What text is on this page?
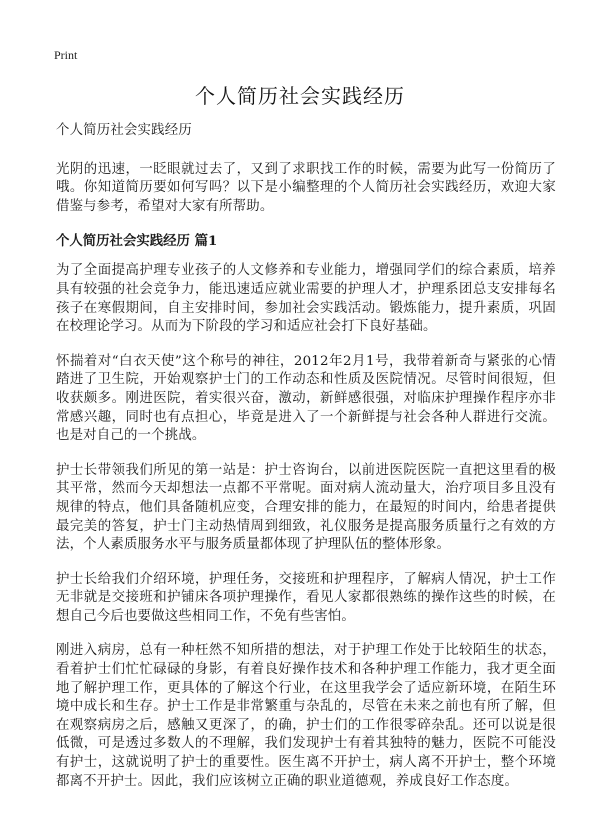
Print
个人简历社会实践经历

个人简历社会实践经历

光阴的迅速，一眨眼就过去了，又到了求职找工作的时候，需要为此写一份简历了哦。你知道简历要如何写吗？以下是小编整理的个人简历社会实践经历，欢迎大家借鉴与参考，希望对大家有所帮助。

个人简历社会实践经历 篇1

为了全面提高护理专业孩子的人文修养和专业能力，增强同学们的综合素质，培养具有较强的社会竞争力，能迅速适应就业需要的护理人才，护理系团总支安排每名孩子在寒假期间，自主安排时间，参加社会实践活动。锻炼能力，提升素质，巩固在校理论学习。从而为下阶段的学习和适应社会打下良好基础。

怀揣着对“白衣天使”这个称号的神往，2012年2月1号，我带着新奇与紧张的心情踏进了卫生院，开始观察护士门的工作动态和性质及医院情况。尽管时间很短，但收获颇多。刚进医院，着实很兴奋，激动，新鲜感很强，对临床护理操作程序亦非常感兴趣，同时也有点担心，毕竟是进入了一个新鲜提与社会各种人群进行交流。也是对自己的一个挑战。

护士长带领我们所见的第一站是：护士咨询台，以前进医院医院一直把这里看的极其平常，然而今天却想法一点都不平常呢。面对病人流动量大，治疗项目多且没有规律的特点，他们具备随机应变，合理安排的能力，在最短的时间内，给患者提供最完美的答复，护士门主动热情周到细致，礼仪服务是提高服务质量行之有效的方法，个人素质服务水平与服务质量都体现了护理队伍的整体形象。

护士长给我们介绍环境，护理任务，交接班和护理程序，了解病人情况，护士工作无非就是交接班和护铺床各项护理操作，看见人家都很熟练的操作这些的时候，在想自己今后也要做这些相同工作，不免有些害怕。

刚进入病房，总有一种枉然不知所措的想法，对于护理工作处于比较陌生的状态，看着护士们忙忙碌碌的身影，有着良好操作技术和各种护理工作能力，我才更全面地了解护理工作，更具体的了解这个行业，在这里我学会了适应新环境，在陌生环境中成长和生存。护士工作是非常繁重与杂乱的，尽管在未来之前也有所了解，但在观察病房之后，感触又更深了，的确，护士们的工作很零碎杂乱。还可以说是很低微，可是透过多数人的不理解，我们发现护士有着其独特的魅力，医院不可能没有护士，这就说明了护士的重要性。医生离不开护士，病人离不开护士，整个环境都离不开护士。因此，我们应该树立正确的职业道德观，养成良好工作态度。
